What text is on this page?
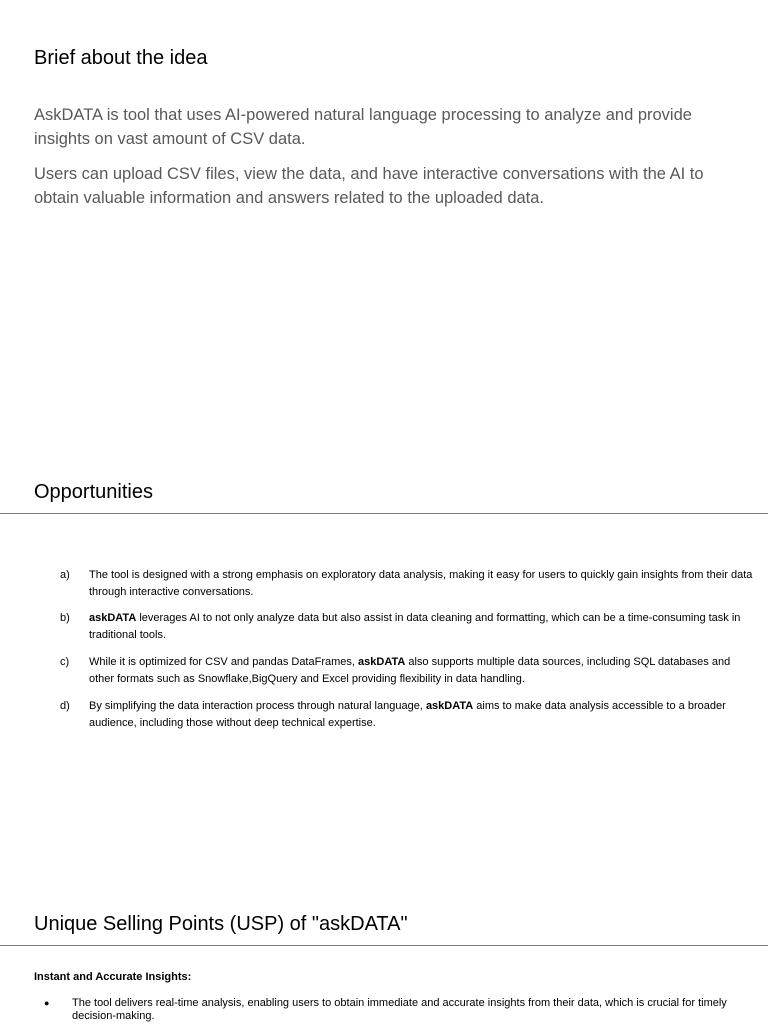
Brief about the idea

AskDATA is tool that uses AI-powered natural language processing to analyze and provide insights on vast amount of CSV data.

Users can upload CSV files, view the data, and have interactive conversations with the AI to obtain valuable information and answers related to the uploaded data.

Opportunities
a)	The tool is designed with a strong emphasis on exploratory data analysis, making it easy for users to quickly gain insights from their data through interactive conversations.
b)	askDATA leverages AI to not only analyze data but also assist in data cleaning and formatting, which can be a time-consuming task in traditional tools.
c)	While it is optimized for CSV and pandas DataFrames, askDATA also supports multiple data sources, including SQL databases and other formats such as Snowflake,BigQuery and Excel providing flexibility in data handling.
d)	By simplifying the data interaction process through natural language, askDATA aims to make data analysis accessible to a broader audience, including those without deep technical expertise.
Unique Selling Points (USP) of "askDATA"
Instant and Accurate Insights:
● The tool delivers real-time analysis, enabling users to obtain immediate and accurate insights from their data, which is crucial for timely decision-making.
